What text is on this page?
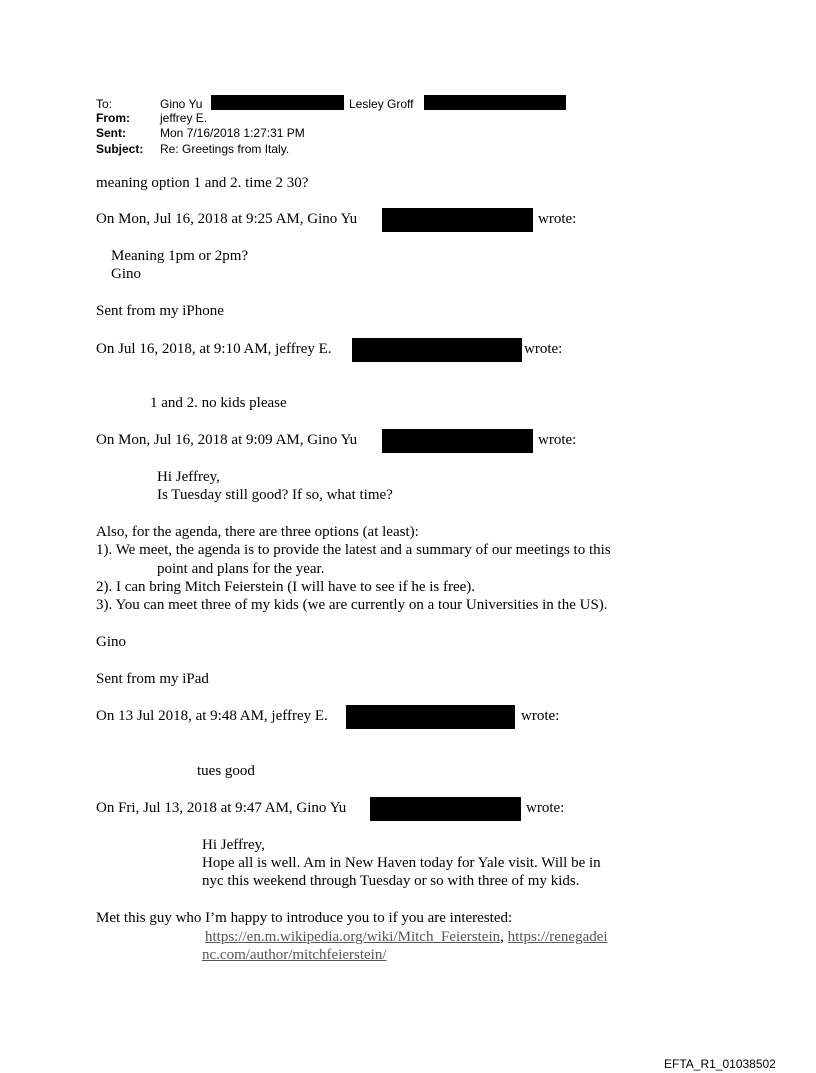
To:	Gino Yu	Lesley Groff
From:	jeffrey E.
Sent:	Mon 7/16/2018 1:27:31 PM
Subject: Re: Greetings from Italy.
meaning option 1 and 2. time 2 30?
On Mon, Jul 16, 2018 at 9:25 AM, Gino Yu	wrote:
Meaning 1pm or 2pm?
Gino
Sent from my iPhone
On Jul 16, 2018, at 9:10 AM, jeffrey E.	wrote:
1 and 2. no kids please
On Mon, Jul 16, 2018 at 9:09 AM, Gino Yu	wrote:
Hi Jeffrey,
Is Tuesday still good? If so, what time?
Also, for the agenda, there are three options (at least):
1). We meet, the agenda is to provide the latest and a summary of our meetings to this
point and plans for the year.
2). I can bring Mitch Feierstein (I will have to see if he is free).
3). You can meet three of my kids (we are currently on a tour Universities in the US).
Gino
Sent from my iPad
On 13 Jul 2018, at 9:48 AM, jeffrey E.	wrote:
tues good
On Fri, Jul 13, 2018 at 9:47 AM, Gino Yu	wrote:
Hi Jeffrey,
Hope all is well. Am in New Haven today for Yale visit. Will be in
nyc this weekend through Tuesday or so with three of my kids.
Met this guy who I’m happy to introduce you to if you are interested:
https://en.m.wikipedia.org/wiki/Mitch_Feierstein, https://renegadei
nc.com/author/mitchfeierstein/
EFTA_R1_01038502
